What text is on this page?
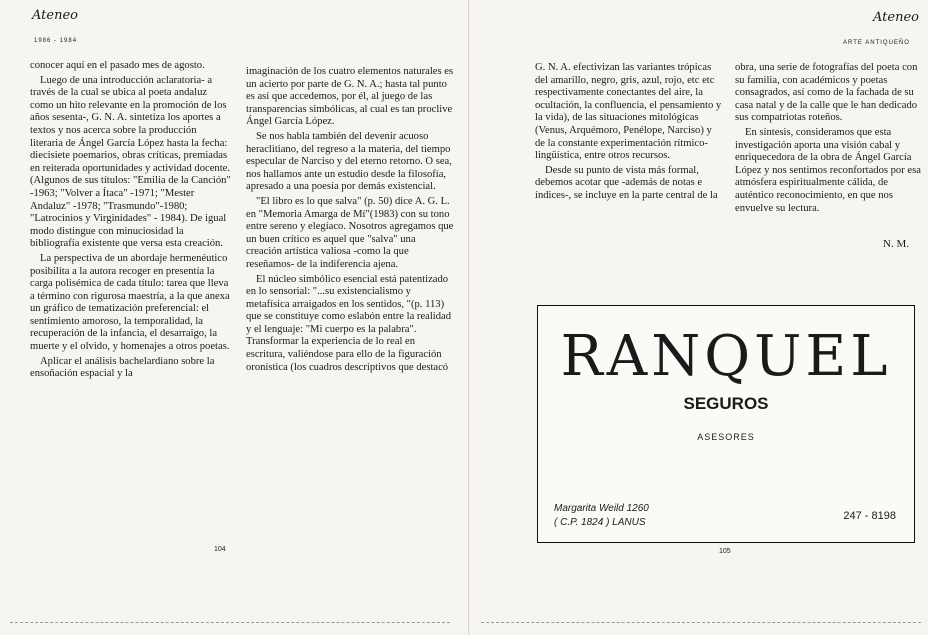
Ateneo
1986 - 1984

conocer aquí en el pasado mes de agosto.

Luego de una introducción aclaratoria- a través de la cual se ubica al poeta andaluz como un hito relevante en la promoción de los años sesenta-, G. N. A. sintetiza los aportes a textos y nos acerca sobre la producción literaria de Ángel García López hasta la fecha: diecisiete poemarios, obras críticas, premiadas en reiterada oportunidades y actividad docente. (Algunos de sus títulos: "Emilia de la Canción" -1963; "Volver a Ítaca" -1971; "Mester Andaluz" -1978; "Trasmundo"-1980; "Latrocinios y Virginidades" - 1984). De igual modo distingue con minuciosidad la bibliografía existente que versa esta creación.

La perspectiva de un abordaje hermenéutico posibilita a la autora recoger en presentía la carga polisémica de cada título: tarea que lleva a término con rigurosa maestría, a la que anexa un gráfico de tematización preferencial: el sentimiento amoroso, la temporalidad, la recuperación de la infancia, el desarraigo, la muerte y el olvido, y homenajes a otros poetas.

Aplicar el análisis bachelardiano sobre la ensoñación espacial y la

imaginación de los cuatro elementos naturales es un acierto por parte de G. N. A.; hasta tal punto es así que accedemos, por él, al juego de las transparencias simbólicas, al cual es tan proclive Ángel García López.

Se nos habla también del devenir acuoso heraclitiano, del regreso a la materia, del tiempo especular de Narciso y del eterno retorno. O sea, nos hallamos ante un estudio desde la filosofía, apresado a una poesía por demás existencial.

"El libro es lo que salva" (p. 50) dice A. G. L. en "Memoria Amarga de Mí"(1983) con su tono entre sereno y elegíaco. Nosotros agregamos que un buen crítico es aquel que "salva" una creación artística valiosa -como la que reseñamos- de la indiferencia ajena.

El núcleo simbólico esencial está patentizado en lo sensorial: "...su existencialismo y metafísica arraigados en los sentidos, "(p. 113) que se constituye como eslabón entre la realidad y el lenguaje: "Mi cuerpo es la palabra". Transformar la experiencia de lo real en escritura, valiéndose para ello de la figuración oronística (los cuadros descriptivos que destacó

104
Ateneo
ARTE ANTIQUEÑO

G. N. A. efectivizan las variantes trópicas del amarillo, negro, gris, azul, rojo, etc etc respectivamente conectantes del aire, la ocultación, la confluencia, el pensamiento y la vida), de las situaciones mitológicas (Venus, Arquémoro, Penélope, Narciso) y de la constante experimentación rítmico-lingüística, entre otros recursos.

Desde su punto de vista más formal, debemos acotar que -además de notas e índices-, se incluye en la parte central de la

obra, una serie de fotografías del poeta con su familia, con académicos y poetas consagrados, así como de la fachada de su casa natal y de la calle que le han dedicado sus compatriotas roteños.

En síntesis, consideramos que esta investigación aporta una visión cabal y enriquecedora de la obra de Ángel García López y nos sentimos reconfortados por esa atmósfera espiritualmente cálida, de auténtico reconocimiento, en que nos envuelve su lectura.

N. M.
105
RANQUEL
SEGUROS
ASESORES
Margarita Weild 1260
( C.P. 1824 ) LANUS
247 - 8198
